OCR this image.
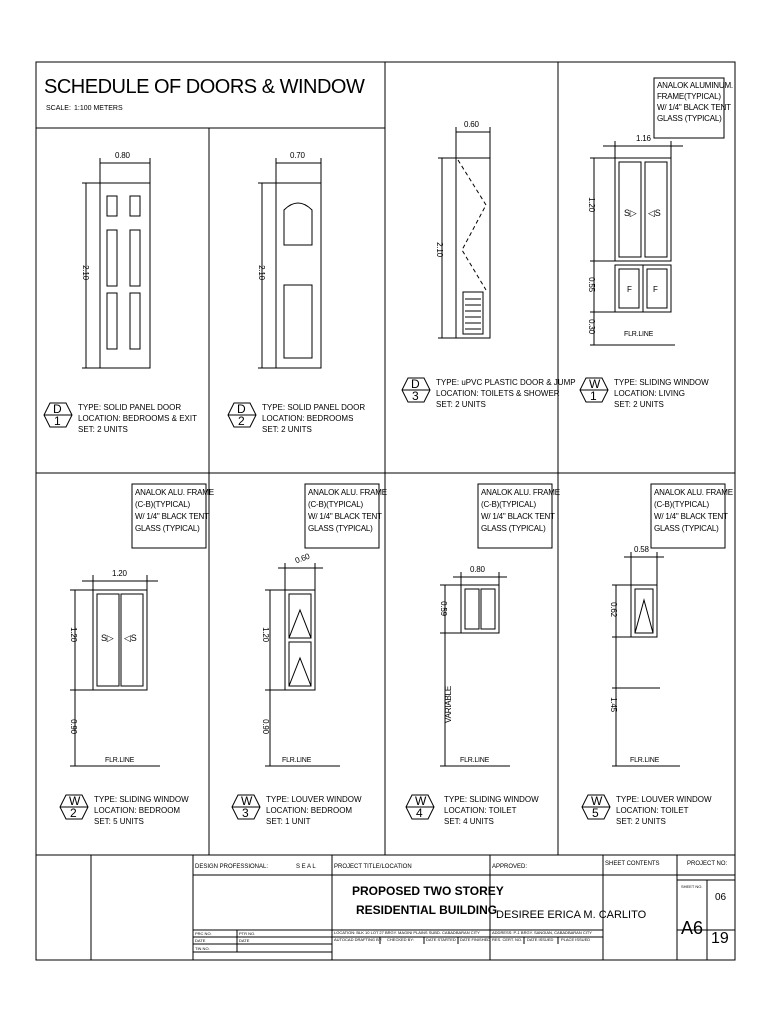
SCHEDULE OF DOORS & WINDOW
SCALE: 1:100 METERS
0.80
2.10
0.70
2.10
0.60
2.10
1.16
1.20
0.55
0.30
1.20
1.20
0.90
0.60
1.20
0.90
0.80
0.59
VARIABLE
0.58
0.62
1.45
S▷ ◁S
F	F
S▷ ◁S
FLR.LINE
FLR.LINE	FLR.LINE	FLR.LINE	FLR.LINE
ANALOK ALUMINUM.
FRAME(TYPICAL)
W/ 1/4" BLACK TENT
GLASS (TYPICAL)
ANALOK ALU. FRAME
(C-B)(TYPICAL)
W/ 1/4" BLACK TENT
GLASS (TYPICAL)
ANALOK ALU. FRAME
(C-B)(TYPICAL)
W/ 1/4" BLACK TENT
GLASS (TYPICAL)
ANALOK ALU. FRAME
(C-B)(TYPICAL)
W/ 1/4" BLACK TENT
GLASS (TYPICAL)
ANALOK ALU. FRAME
(C-B)(TYPICAL)
W/ 1/4" BLACK TENT
GLASS (TYPICAL)
D
1
TYPE: SOLID PANEL DOOR
LOCATION: BEDROOMS & EXIT
SET: 2 UNITS
D
2
TYPE: SOLID PANEL DOOR
LOCATION: BEDROOMS
SET: 2 UNITS
D
3
TYPE: uPVC PLASTIC DOOR & JUMP
LOCATION: TOILETS & SHOWER
SET: 2 UNITS
W
1
TYPE: SLIDING WINDOW
LOCATION: LIVING
SET: 2 UNITS
W
2
TYPE: SLIDING WINDOW
LOCATION: BEDROOM
SET: 5 UNITS
W
3
TYPE: LOUVER WINDOW
LOCATION: BEDROOM
SET: 1 UNIT
W
4
TYPE: SLIDING WINDOW
LOCATION: TOILET
SET: 4 UNITS
W
5
TYPE: LOUVER WINDOW
LOCATION: TOILET
SET: 2 UNITS
DESIGN PROFESSIONAL:	S E A L	PROJECT TITLE/LOCATION	APPROVED:	SHEET CONTENTS	PROJECT NO:
PROPOSED TWO STOREY
RESIDENTIAL BUILDING
DESIREE ERICA M. CARLITO
LOCATION: BLK 10 LOT 27 BRGY. MAGINI PLAINS SUBD. CABADBARAN CITY	ADDRESS: P-1 BRGY. SANGIAN, CABADBARAN CITY
AUTOCAD DRAFTING BY: CHECKED BY:	DATE STARTED DATE FINISHED RES. CERT. NO. DATE ISSUED PLACE ISSUED
PRC NO.	PTR NO.
DATE	DATE
TIN NO.
SHEET NO.
06
A6
19
